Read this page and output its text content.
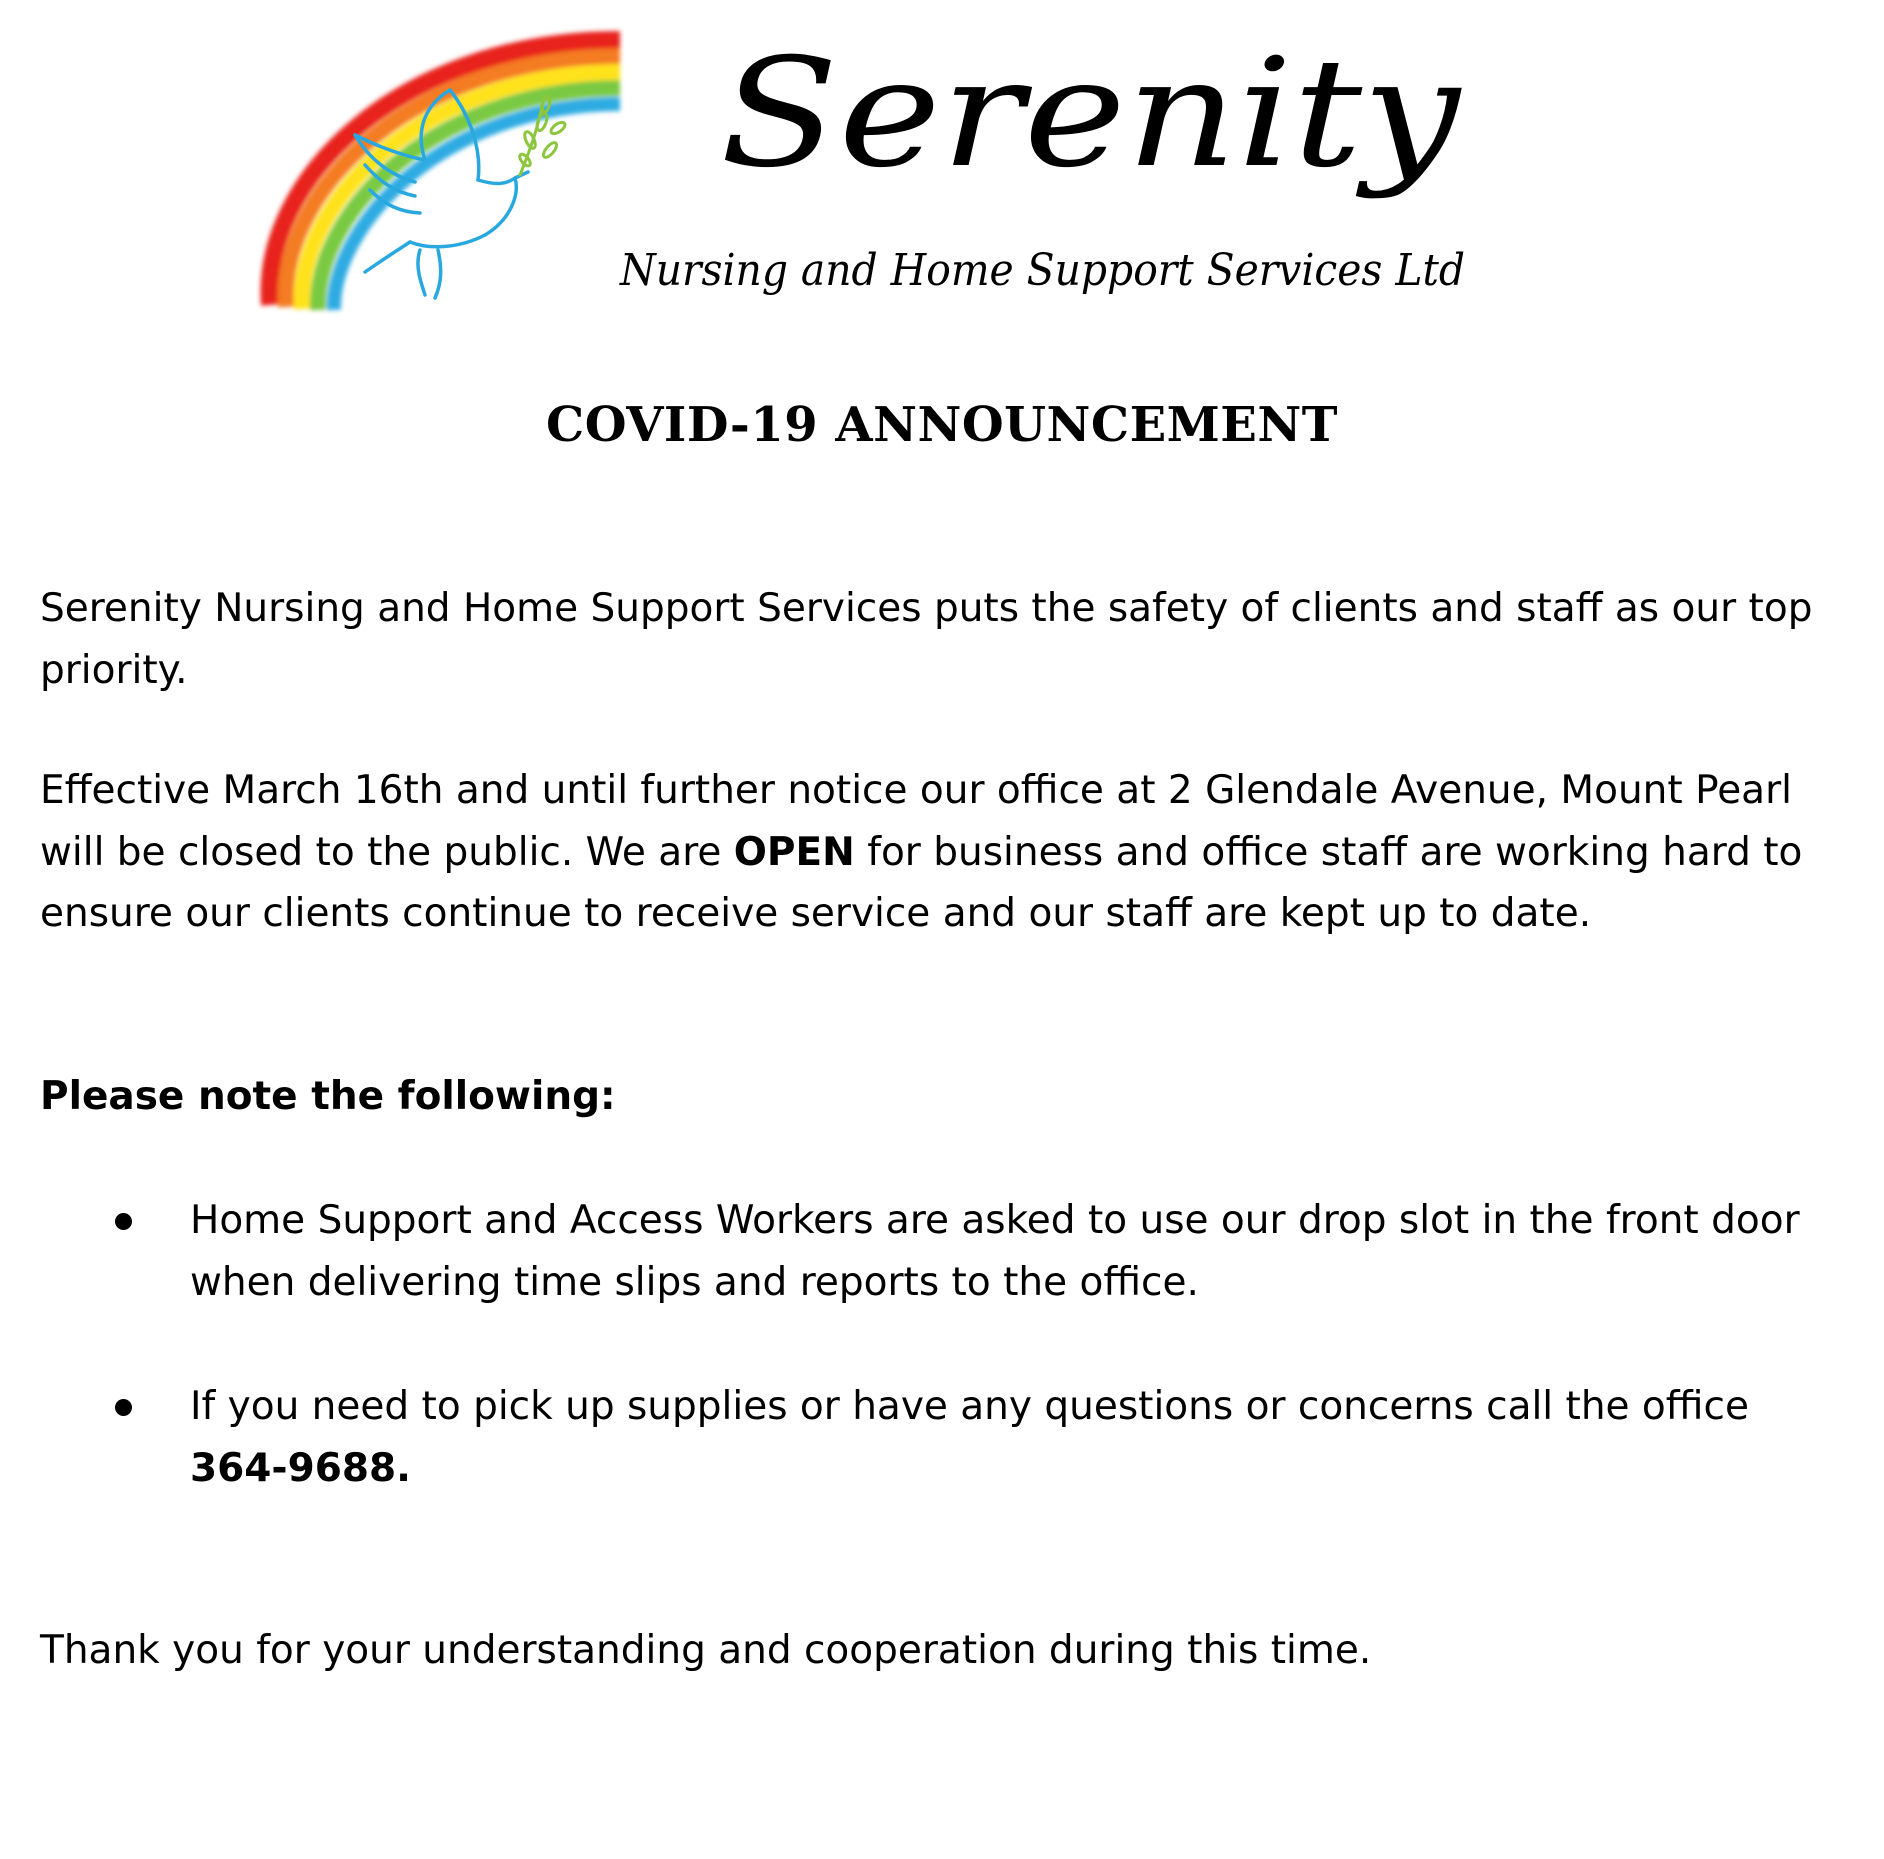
Serenity
Nursing and Home Support Services Ltd
COVID-19 ANNOUNCEMENT

Serenity Nursing and Home Support Services puts the safety of clients and staff as our top priority.

Effective March 16th and until further notice our office at 2 Glendale Avenue, Mount Pearl will be closed to the public. We are OPEN for business and office staff are working hard to ensure our clients continue to receive service and our staff are kept up to date.

Please note the following:

Home Support and Access Workers are asked to use our drop slot in the front door when delivering time slips and reports to the office.

If you need to pick up supplies or have any questions or concerns call the office 364-9688.

Thank you for your understanding and cooperation during this time.
